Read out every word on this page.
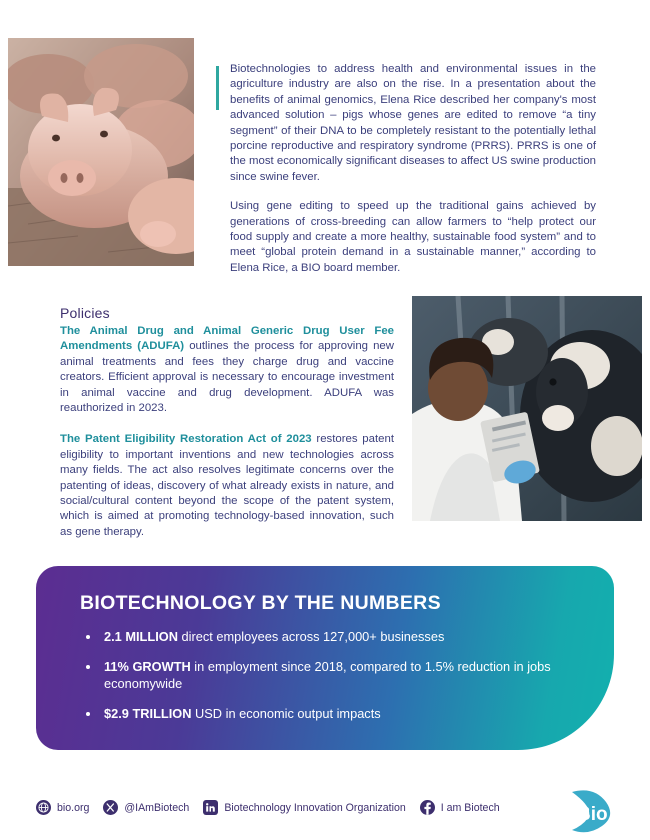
Biotechnologies to address health and environmental issues in the agriculture industry are also on the rise. In a presentation about the benefits of animal genomics, Elena Rice described her company's most advanced solution – pigs whose genes are edited to remove “a tiny segment” of their DNA to be completely resistant to the potentially lethal porcine reproductive and respiratory syndrome (PRRS). PRRS is one of the most economically significant diseases to affect US swine production since swine fever.

Using gene editing to speed up the traditional gains achieved by generations of cross-breeding can allow farmers to “help protect our food supply and create a more healthy, sustainable food system” and to meet “global protein demand in a sustainable manner,” according to Elena Rice, a BIO board member.

Policies

The Animal Drug and Animal Generic Drug User Fee Amendments (ADUFA) outlines the process for approving new animal treatments and fees they charge drug and vaccine creators. Efficient approval is necessary to encourage investment in animal vaccine and drug development. ADUFA was reauthorized in 2023.

The Patent Eligibility Restoration Act of 2023 restores patent eligibility to important inventions and new technologies across many fields. The act also resolves legitimate concerns over the patenting of ideas, discovery of what already exists in nature, and social/cultural content beyond the scope of the patent system, which is aimed at promoting technology-based innovation, such as gene therapy.

BIOTECHNOLOGY BY THE NUMBERS
2.1 MILLION direct employees across 127,000+ businesses
11% GROWTH in employment since 2018, compared to 1.5% reduction in jobs economywide
$2.9 TRILLION USD in economic output impacts
bio.org	@IAmBiotech	Biotechnology Innovation Organization	I am Biotech	Bio
